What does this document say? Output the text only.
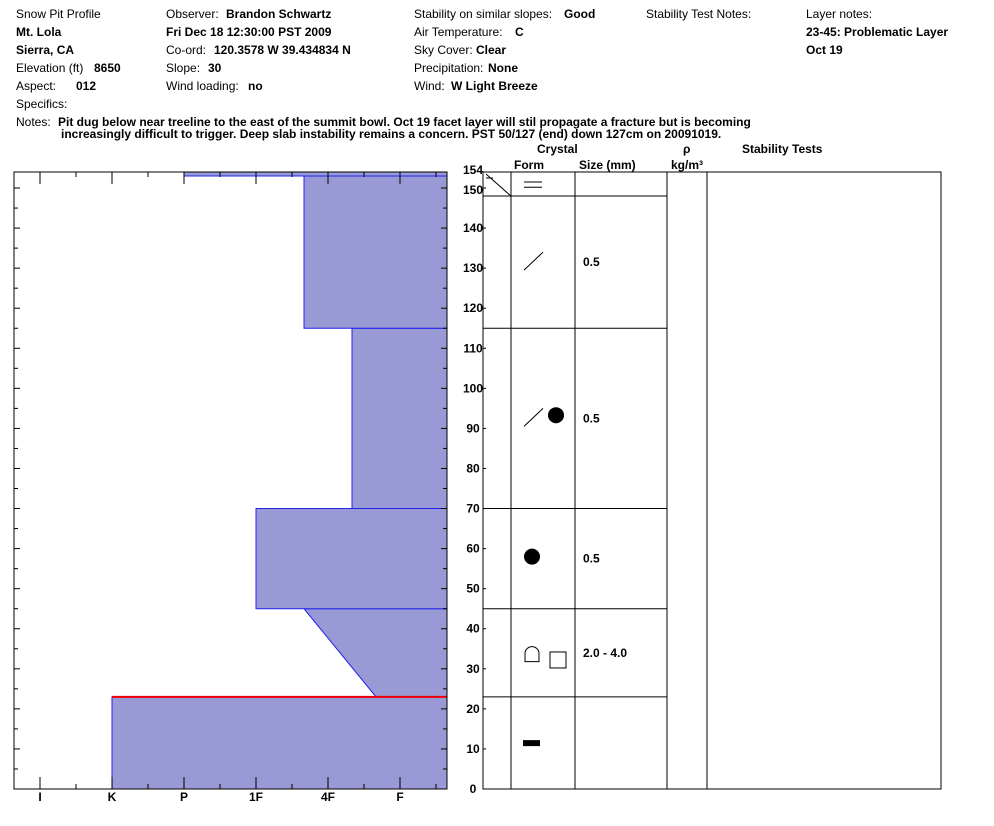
Snow Pit Profile
Mt. Lola
Sierra, CA
Elevation (ft) 8650
Aspect: 012
Specifics:
Observer: Brandon Schwartz
Fri Dec 18 12:30:00 PST 2009
Co-ord: 120.3578 W 39.434834 N
Slope: 30
Wind loading: no
Stability on similar slopes: Good
Air Temperature: C
Sky Cover: Clear
Precipitation: None
Wind: W Light Breeze
Stability Test Notes:	Layer notes:
23-45: Problematic Layer
Oct 19
Notes: Pit dug below near treeline to the east of the summit bowl. Oct 19 facet layer will stil propagate a fracture but is becoming
increasingly difficult to trigger. Deep slab instability remains a concern. PST 50/127 (end) down 127cm on 20091019.
Crystal
Form	Size (mm)
ρ
kg/m³
Stability Tests
I	K	P	1F	4F	F
0
10
20
30
40
50
60
70
80
90
100
110
120
130
140
150
154
0.5
0.5
0.5
2.0 - 4.0
